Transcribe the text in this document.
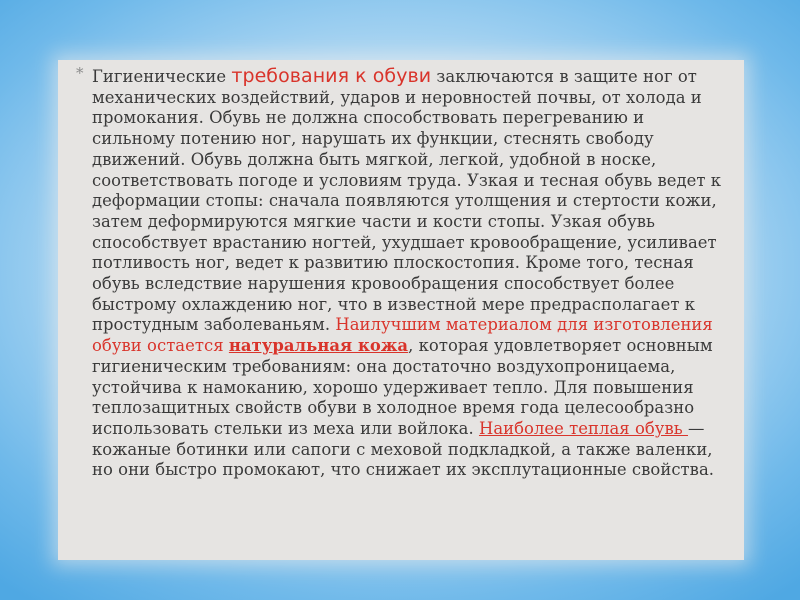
* Гигиенические требования к обуви заключаются в защите ног от механических воздействий, ударов и неровностей почвы, от холода и промокания. Обувь не должна способствовать перегреванию и сильному потению ног, нарушать их функции, стеснять свободу движений. Обувь должна быть мягкой, легкой, удобной в носке, соответствовать погоде и условиям труда. Узкая и тесная обувь ведет к деформации стопы: сначала появляются утолщения и стертости кожи, затем деформируются мягкие части и кости стопы. Узкая обувь способствует врастанию ногтей, ухудшает кровообращение, усиливает потливость ног, ведет к развитию плоскостопия. Кроме того, тесная обувь вследствие нарушения кровообращения способствует более быстрому охлаждению ног, что в известной мере предрасполагает к простудным заболеваньям. Наилучшим материалом для изготовления обуви остается натуральная кожа, которая удовлетворяет основным гигиеническим требованиям: она достаточно воздухопроницаема, устойчива к намоканию, хорошо удерживает тепло. Для повышения теплозащитных свойств обуви в холодное время года целесообразно использовать стельки из меха или войлока. Наиболее теплая обувь — кожаные ботинки или сапоги с меховой подкладкой, а также валенки, но они быстро промокают, что снижает их эксплутационные свойства.
